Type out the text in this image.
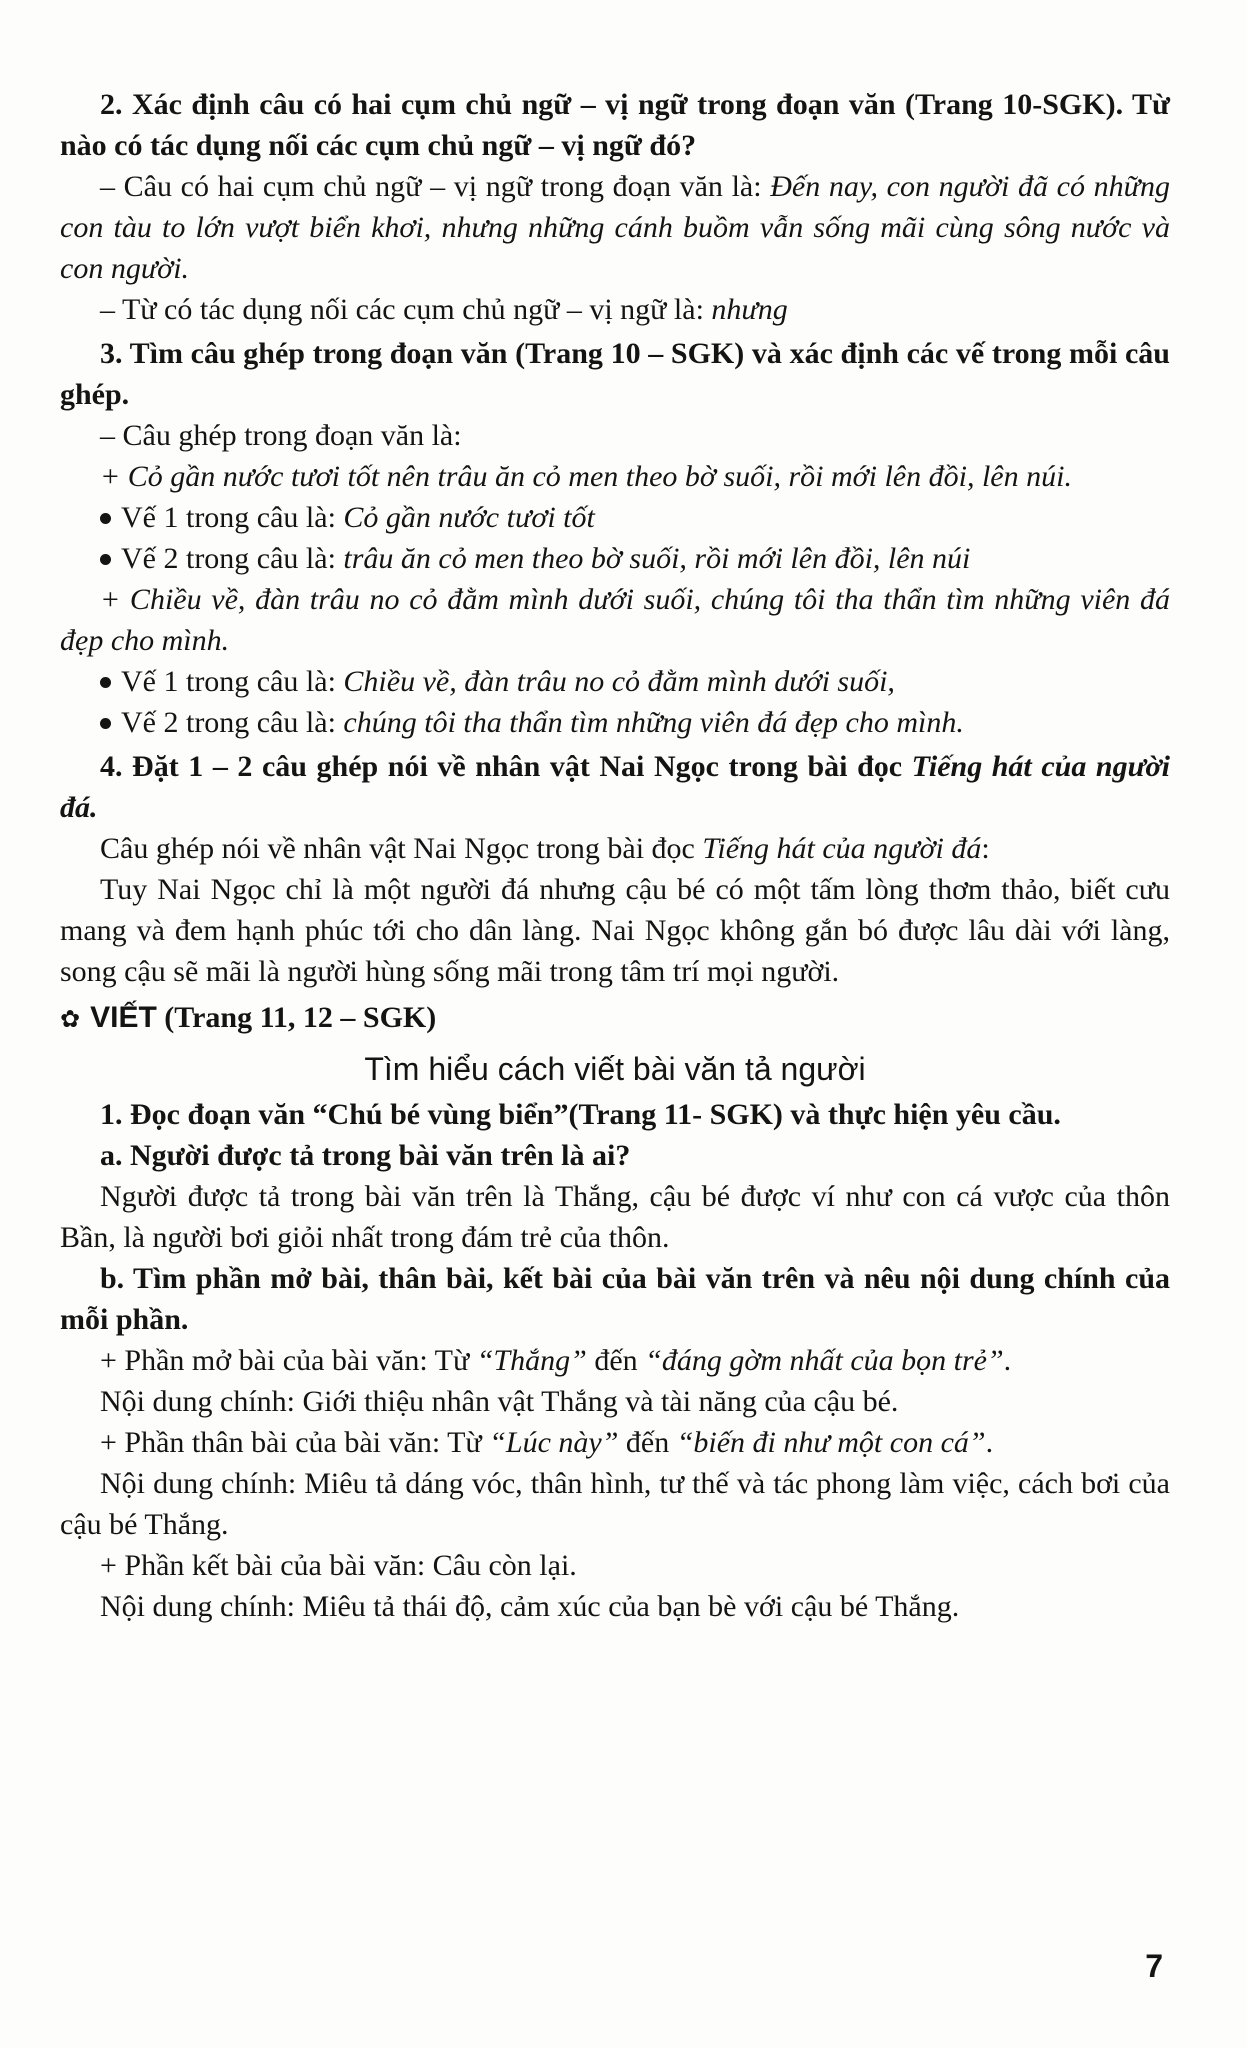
2. Xác định câu có hai cụm chủ ngữ – vị ngữ trong đoạn văn (Trang 10-SGK). Từ nào có tác dụng nối các cụm chủ ngữ – vị ngữ đó?

– Câu có hai cụm chủ ngữ – vị ngữ trong đoạn văn là: Đến nay, con người đã có những con tàu to lớn vượt biển khơi, nhưng những cánh buồm vẫn sống mãi cùng sông nước và con người.

– Từ có tác dụng nối các cụm chủ ngữ – vị ngữ là: nhưng

3. Tìm câu ghép trong đoạn văn (Trang 10 – SGK) và xác định các vế trong mỗi câu ghép.

– Câu ghép trong đoạn văn là:

+ Cỏ gần nước tươi tốt nên trâu ăn cỏ men theo bờ suối, rồi mới lên đồi, lên núi.

Vế 1 trong câu là: Cỏ gần nước tươi tốt

Vế 2 trong câu là: trâu ăn cỏ men theo bờ suối, rồi mới lên đồi, lên núi

+ Chiều về, đàn trâu no cỏ đằm mình dưới suối, chúng tôi tha thẩn tìm những viên đá đẹp cho mình.

Vế 1 trong câu là: Chiều về, đàn trâu no cỏ đằm mình dưới suối,

Vế 2 trong câu là: chúng tôi tha thẩn tìm những viên đá đẹp cho mình.

4. Đặt 1 – 2 câu ghép nói về nhân vật Nai Ngọc trong bài đọc Tiếng hát của người đá.

Câu ghép nói về nhân vật Nai Ngọc trong bài đọc Tiếng hát của người đá:

Tuy Nai Ngọc chỉ là một người đá nhưng cậu bé có một tấm lòng thơm thảo, biết cưu mang và đem hạnh phúc tới cho dân làng. Nai Ngọc không gắn bó được lâu dài với làng, song cậu sẽ mãi là người hùng sống mãi trong tâm trí mọi người.

✿ VIẾT (Trang 11, 12 – SGK)
Tìm hiểu cách viết bài văn tả người

1. Đọc đoạn văn “Chú bé vùng biển”(Trang 11- SGK) và thực hiện yêu cầu.

a. Người được tả trong bài văn trên là ai?

Người được tả trong bài văn trên là Thắng, cậu bé được ví như con cá vược của thôn Bần, là người bơi giỏi nhất trong đám trẻ của thôn.

b. Tìm phần mở bài, thân bài, kết bài của bài văn trên và nêu nội dung chính của mỗi phần.

+ Phần mở bài của bài văn: Từ “Thắng” đến “đáng gờm nhất của bọn trẻ”.

Nội dung chính: Giới thiệu nhân vật Thắng và tài năng của cậu bé.

+ Phần thân bài của bài văn: Từ “Lúc này” đến “biến đi như một con cá”.

Nội dung chính: Miêu tả dáng vóc, thân hình, tư thế và tác phong làm việc, cách bơi của cậu bé Thắng.

+ Phần kết bài của bài văn: Câu còn lại.

Nội dung chính: Miêu tả thái độ, cảm xúc của bạn bè với cậu bé Thắng.

7
